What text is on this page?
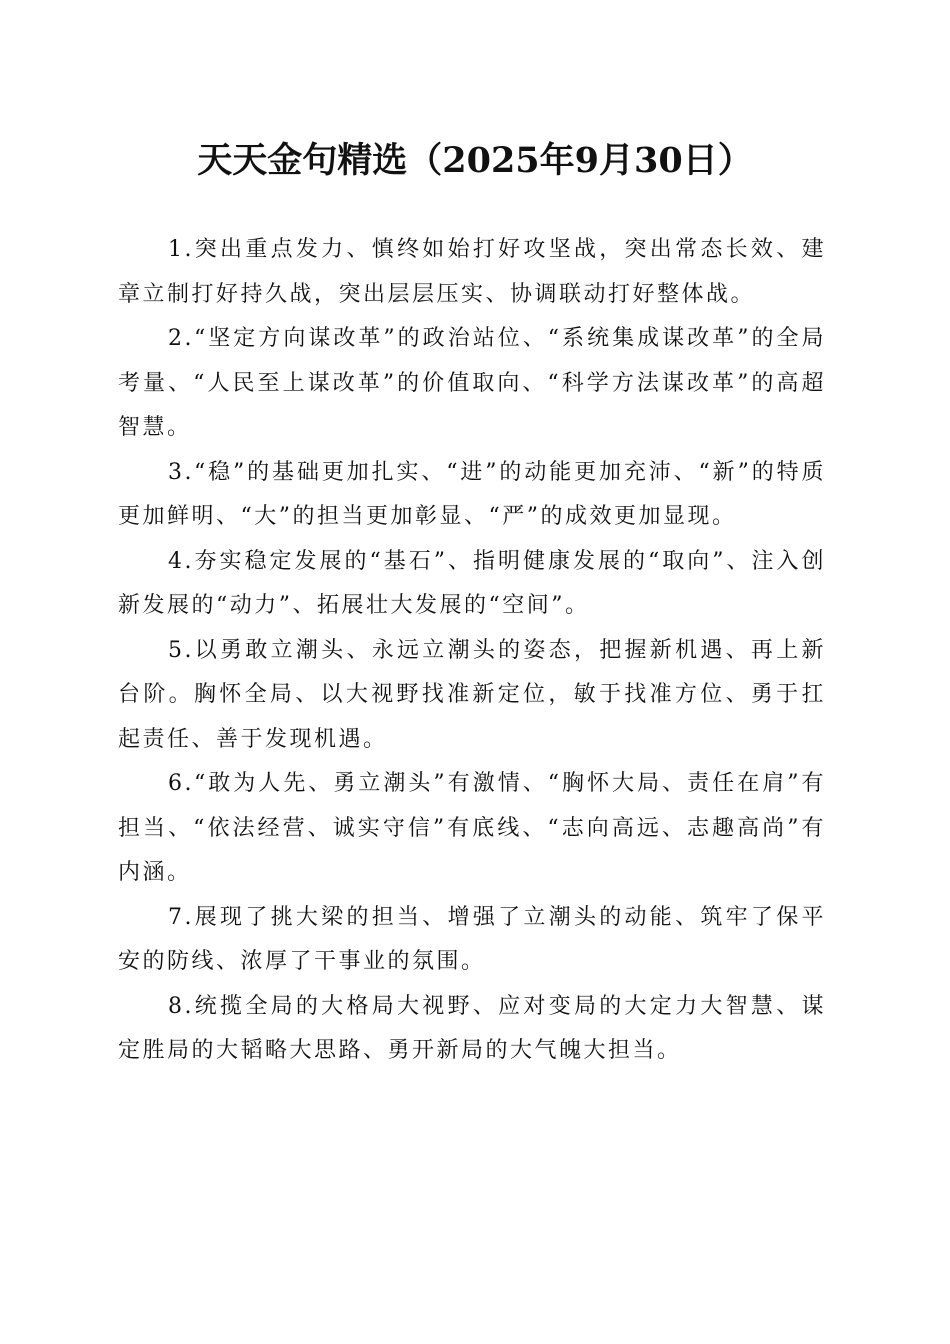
天天金句精选（2025年9月30日）

1.突出重点发力、慎终如始打好攻坚战，突出常态长效、建章立制打好持久战，突出层层压实、协调联动打好整体战。

2.“坚定方向谋改革”的政治站位、“系统集成谋改革”的全局考量、“人民至上谋改革”的价值取向、“科学方法谋改革”的高超智慧。

3.“稳”的基础更加扎实、“进”的动能更加充沛、“新”的特质更加鲜明、“大”的担当更加彰显、“严”的成效更加显现。

4.夯实稳定发展的“基石”、指明健康发展的“取向”、注入创新发展的“动力”、拓展壮大发展的“空间”。

5.以勇敢立潮头、永远立潮头的姿态，把握新机遇、再上新台阶。胸怀全局、以大视野找准新定位，敏于找准方位、勇于扛起责任、善于发现机遇。

6.“敢为人先、勇立潮头”有激情、“胸怀大局、责任在肩”有担当、“依法经营、诚实守信”有底线、“志向高远、志趣高尚”有内涵。

7.展现了挑大梁的担当、增强了立潮头的动能、筑牢了保平安的防线、浓厚了干事业的氛围。

8.统揽全局的大格局大视野、应对变局的大定力大智慧、谋定胜局的大韬略大思路、勇开新局的大气魄大担当。
